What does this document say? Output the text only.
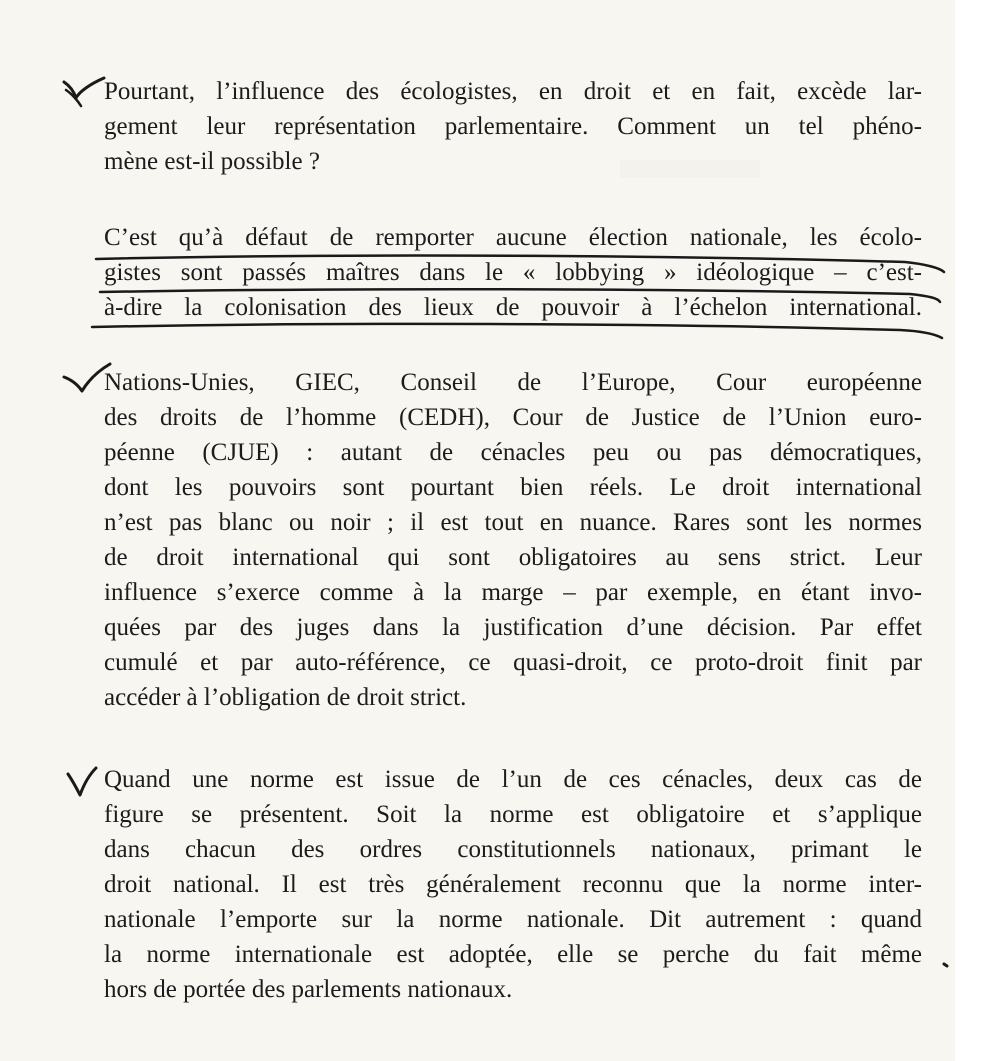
Pourtant, l’influence des écologistes, en droit et en fait, excède lar-
gement leur représentation parlementaire. Comment un tel phéno-
mène est-il possible ?

C’est qu’à défaut de remporter aucune élection nationale, les écolo-
gistes sont passés maîtres dans le « lobbying » idéologique – c’est-
à-dire la colonisation des lieux de pouvoir à l’échelon international.

Nations-Unies, GIEC, Conseil de l’Europe, Cour européenne
des droits de l’homme (CEDH), Cour de Justice de l’Union euro-
péenne (CJUE) : autant de cénacles peu ou pas démocratiques,
dont les pouvoirs sont pourtant bien réels. Le droit international
n’est pas blanc ou noir ; il est tout en nuance. Rares sont les normes
de droit international qui sont obligatoires au sens strict. Leur
influence s’exerce comme à la marge – par exemple, en étant invo-
quées par des juges dans la justification d’une décision. Par effet
cumulé et par auto-référence, ce quasi-droit, ce proto-droit finit par
accéder à l’obligation de droit strict.

Quand une norme est issue de l’un de ces cénacles, deux cas de
figure se présentent. Soit la norme est obligatoire et s’applique
dans chacun des ordres constitutionnels nationaux, primant le
droit national. Il est très généralement reconnu que la norme inter-
nationale l’emporte sur la norme nationale. Dit autrement : quand
la norme internationale est adoptée, elle se perche du fait même
hors de portée des parlements nationaux.
